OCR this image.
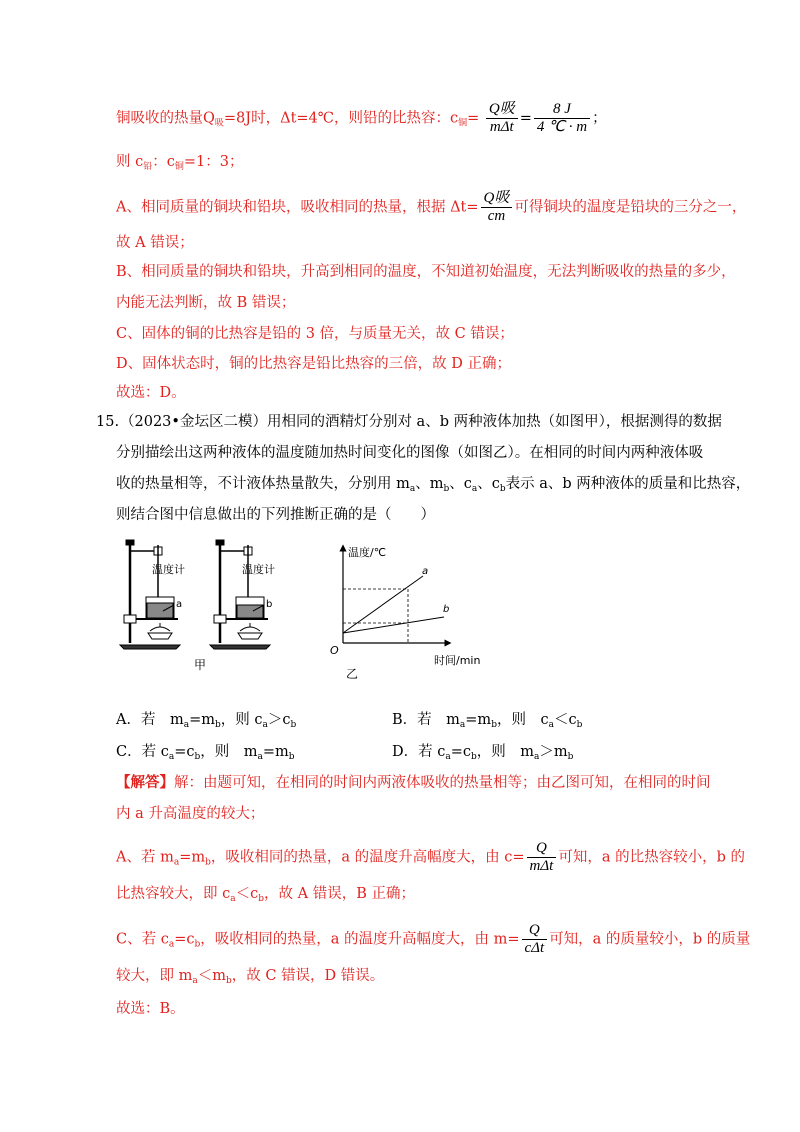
铜吸收的热量$Q_吸=8J$时，Δt=4℃，则铅的比热容：$c_铜= \frac{\text{Q吸}}{\text{mΔt}} = \frac{8 J}{4 ℃ \cdot m}$ ；
则 $c_铅$：$c_铜=1$：3；
A、相同质量的铜块和铅块，吸收相同的热量，根据 $\Delta t= \frac{\text{Q吸}}{cm}$ 可得铜块的温度是铅块的三分之一，
故 A 错误；
B、相同质量的铜块和铅块，升高到相同的温度，不知道初始温度，无法判断吸收的热量的多少，
内能无法判断，故 B 错误；
C、固体的铜的比热容是铅的 3 倍，与质量无关，故 C 错误；
D、固体状态时，铜的比热容是铅比热容的三倍，故 D 正确；
故选：D。
15. （2023•金坛区二模）用相同的酒精灯分别对 a、b 两种液体加热（如图甲），根据测得的数据
分别描绘出这两种液体的温度随加热时间变化的图像（如图乙）。在相同的时间内两种液体吸
收的热量相等，不计液体热量散失，分别用 $m_a$、$m_b$、$c_a$、$c_b$表示 a、b 两种液体的质量和比热容，
则结合图中信息做出的下列推断正确的是（　　）
温度计
a
温度计
b
甲
温度/℃
时间/min
O
a
b
乙
A．若　$m_a=m_b$，则 $c_a>c_b$	B．若　$m_a=m_b$，则　$c_a<c_b$
C．若 $c_a=c_b$，则　$m_a=m_b$	D．若 $c_a=c_b$，则　$m_a>m_b$
【解答】解：由题可知，在相同的时间内两液体吸收的热量相等；由乙图可知，在相同的时间
内 a 升高温度的较大；
A、若 $m_a=m_b$，吸收相同的热量，a 的温度升高幅度大，由 $c= \frac{Q}{\text{mΔt}}$ 可知，a 的比热容较小，b 的
比热容较大，即 $c_a<c_b$，故 A 错误，B 正确；
C、若 $c_a=c_b$，吸收相同的热量，a 的温度升高幅度大，由 $m= \frac{Q}{\text{cΔt}}$ 可知，a 的质量较小，b 的质量
较大，即 $m_a<m_b$，故 C 错误，D 错误。
故选：B。
